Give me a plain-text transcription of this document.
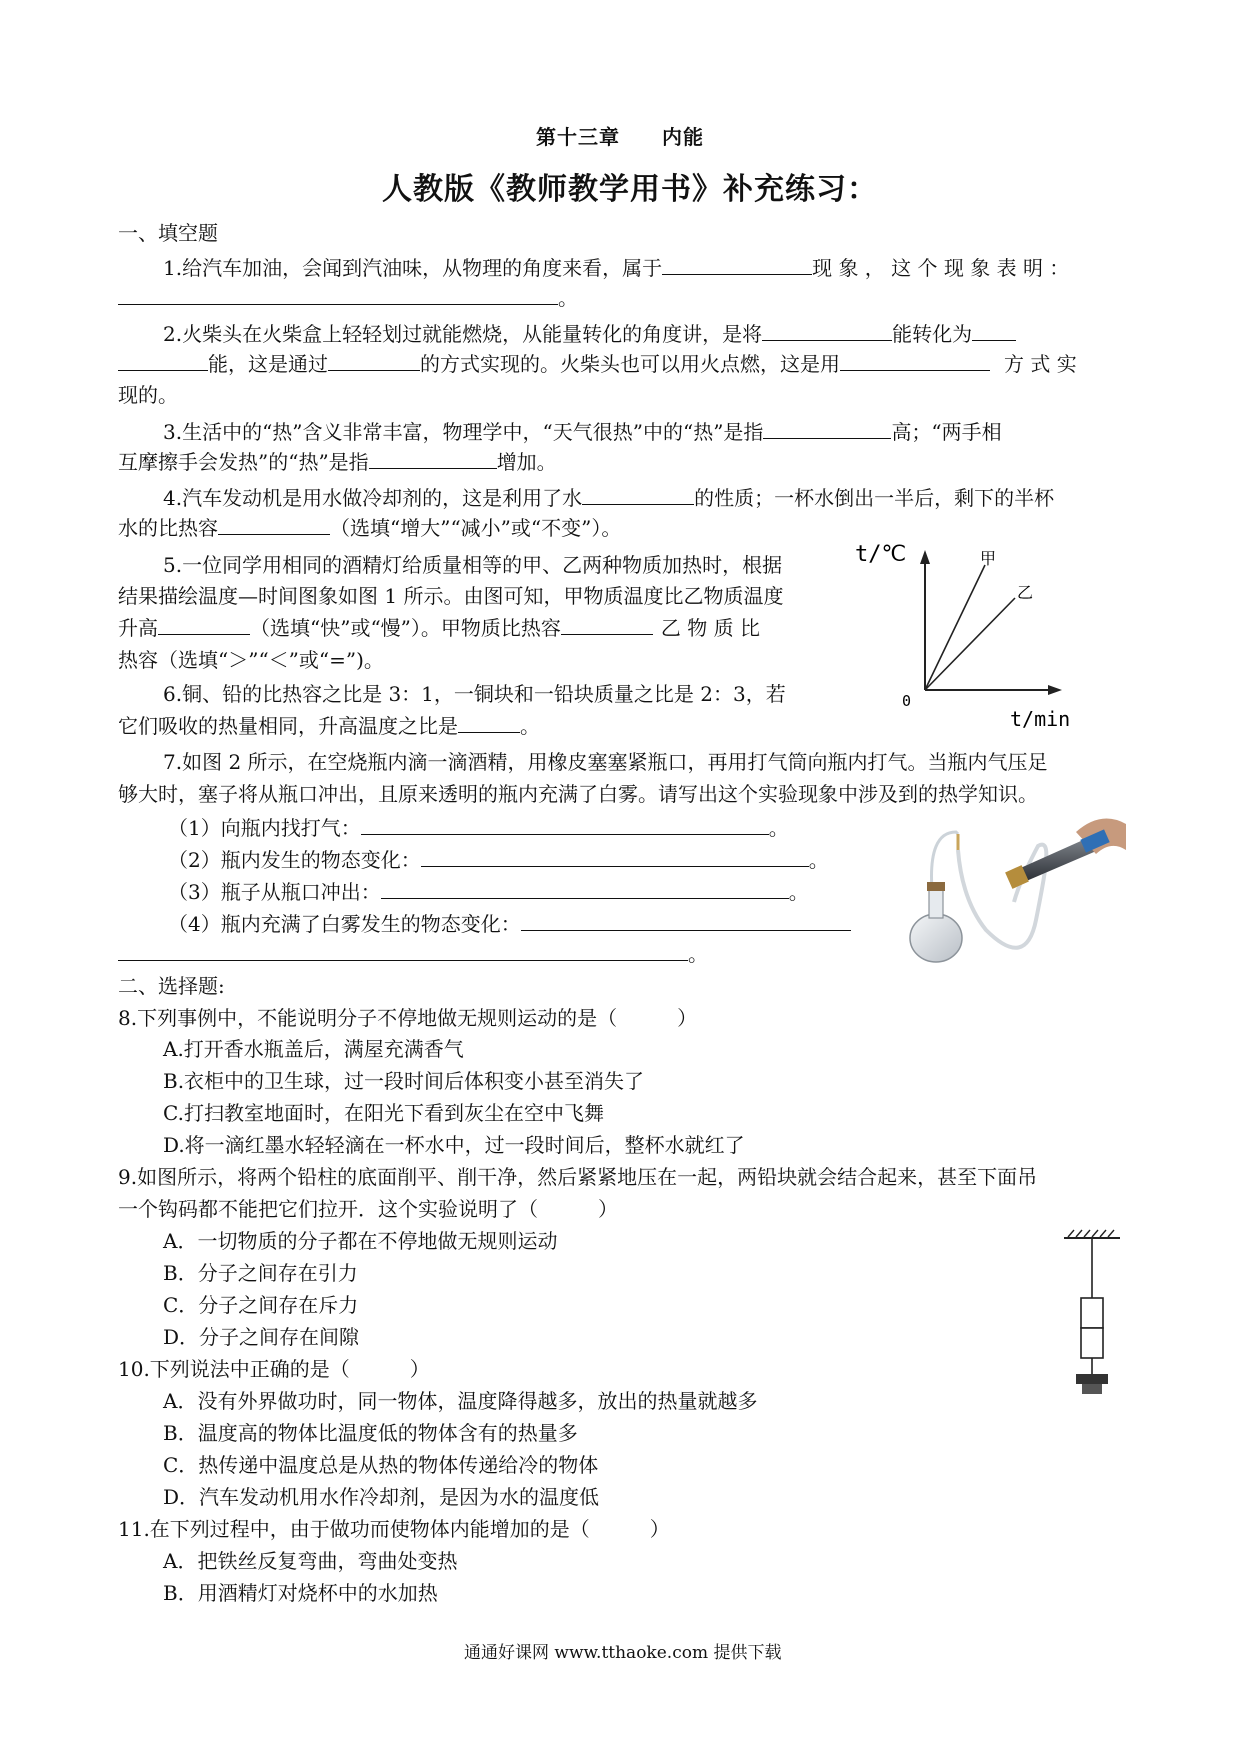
第十三章 内能
人教版《教师教学用书》补充练习：
一、填空题
1.给汽车加油，会闻到汽油味，从物理的角度来看，属于	现 象 ， 这 个 现 象 表 明 ：
。
2.火柴头在火柴盒上轻轻划过就能燃烧，从能量转化的角度讲，是将	能转化为
能，这是通过	的方式实现的。火柴头也可以用火点燃，这是用	方 式 实
现的。
3.生活中的“热”含义非常丰富，物理学中，“天气很热”中的“热”是指	高；“两手相
互摩擦手会发热”的“热”是指	增加。
4.汽车发动机是用水做冷却剂的，这是利用了水	的性质；一杯水倒出一半后，剩下的半杯
水的比热容	（选填“增大”“减小”或“不变”）。
5.一位同学用相同的酒精灯给质量相等的甲、乙两种物质加热时，根据
结果描绘温度—时间图象如图 1 所示。由图可知，甲物质温度比乙物质温度
升高	（选填“快”或“慢”）。甲物质比热容	乙 物 质 比
热容（选填“＞”“＜”或“=”)。
6.铜、铅的比热容之比是 3：1，一铜块和一铅块质量之比是 2：3，若
它们吸收的热量相同，升高温度之比是	。
t/℃
t/min
0
甲
乙
7.如图 2 所示，在空烧瓶内滴一滴酒精，用橡皮塞塞紧瓶口，再用打气筒向瓶内打气。当瓶内气压足
够大时，塞子将从瓶口冲出，且原来透明的瓶内充满了白雾。请写出这个实验现象中涉及到的热学知识。
（1）向瓶内找打气：	。
（2）瓶内发生的物态变化：	。
（3）瓶子从瓶口冲出：	。
（4）瓶内充满了白雾发生的物态变化：
。
二、选择题:
8.下列事例中，不能说明分子不停地做无规则运动的是（　　　）
A.打开香水瓶盖后，满屋充满香气
B.衣柜中的卫生球，过一段时间后体积变小甚至消失了
C.打扫教室地面时，在阳光下看到灰尘在空中飞舞
D.将一滴红墨水轻轻滴在一杯水中，过一段时间后，整杯水就红了
9.如图所示，将两个铅柱的底面削平、削干净，然后紧紧地压在一起，两铅块就会结合起来，甚至下面吊
一个钩码都不能把它们拉开．这个实验说明了（　　　）
A．一切物质的分子都在不停地做无规则运动
B．分子之间存在引力
C．分子之间存在斥力
D．分子之间存在间隙
10.下列说法中正确的是（　　　）
A．没有外界做功时，同一物体，温度降得越多，放出的热量就越多
B．温度高的物体比温度低的物体含有的热量多
C．热传递中温度总是从热的物体传递给冷的物体
D．汽车发动机用水作冷却剂，是因为水的温度低
11.在下列过程中，由于做功而使物体内能增加的是（　　　）
A．把铁丝反复弯曲，弯曲处变热
B．用酒精灯对烧杯中的水加热
通通好课网 www.tthaoke.com 提供下载
